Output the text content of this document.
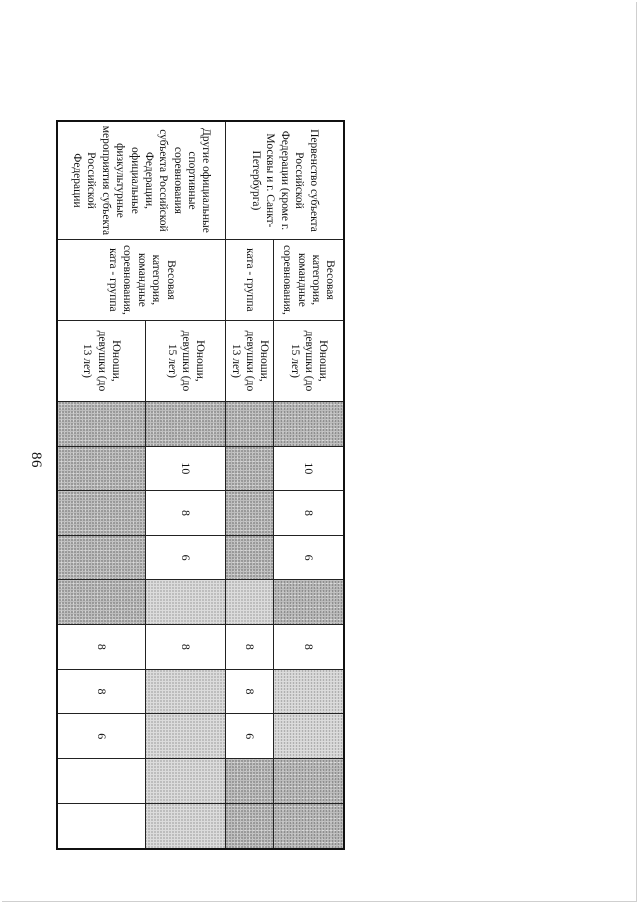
86
Первенство субъекта Российской Федерации (кроме г. Москвы и г. Санкт-Петербурга)	Весовая категория, командные соревнования,	Юноши, девушки (до 15 лет)		10	8	6		8				

	ката - группа	Юноши, девушки (до 13 лет)						8	8	6		

Другие официальные спортивные соревнования субъекта Российской Федерации, официальные физкультурные мероприятия субъекта Российской Федерации	Весовая категория, командные соревнования, ката - группа	Юноши, девушки (до 15 лет)		10	8	6		8				

		Юноши, девушки (до 13 лет)						8	8	6		
